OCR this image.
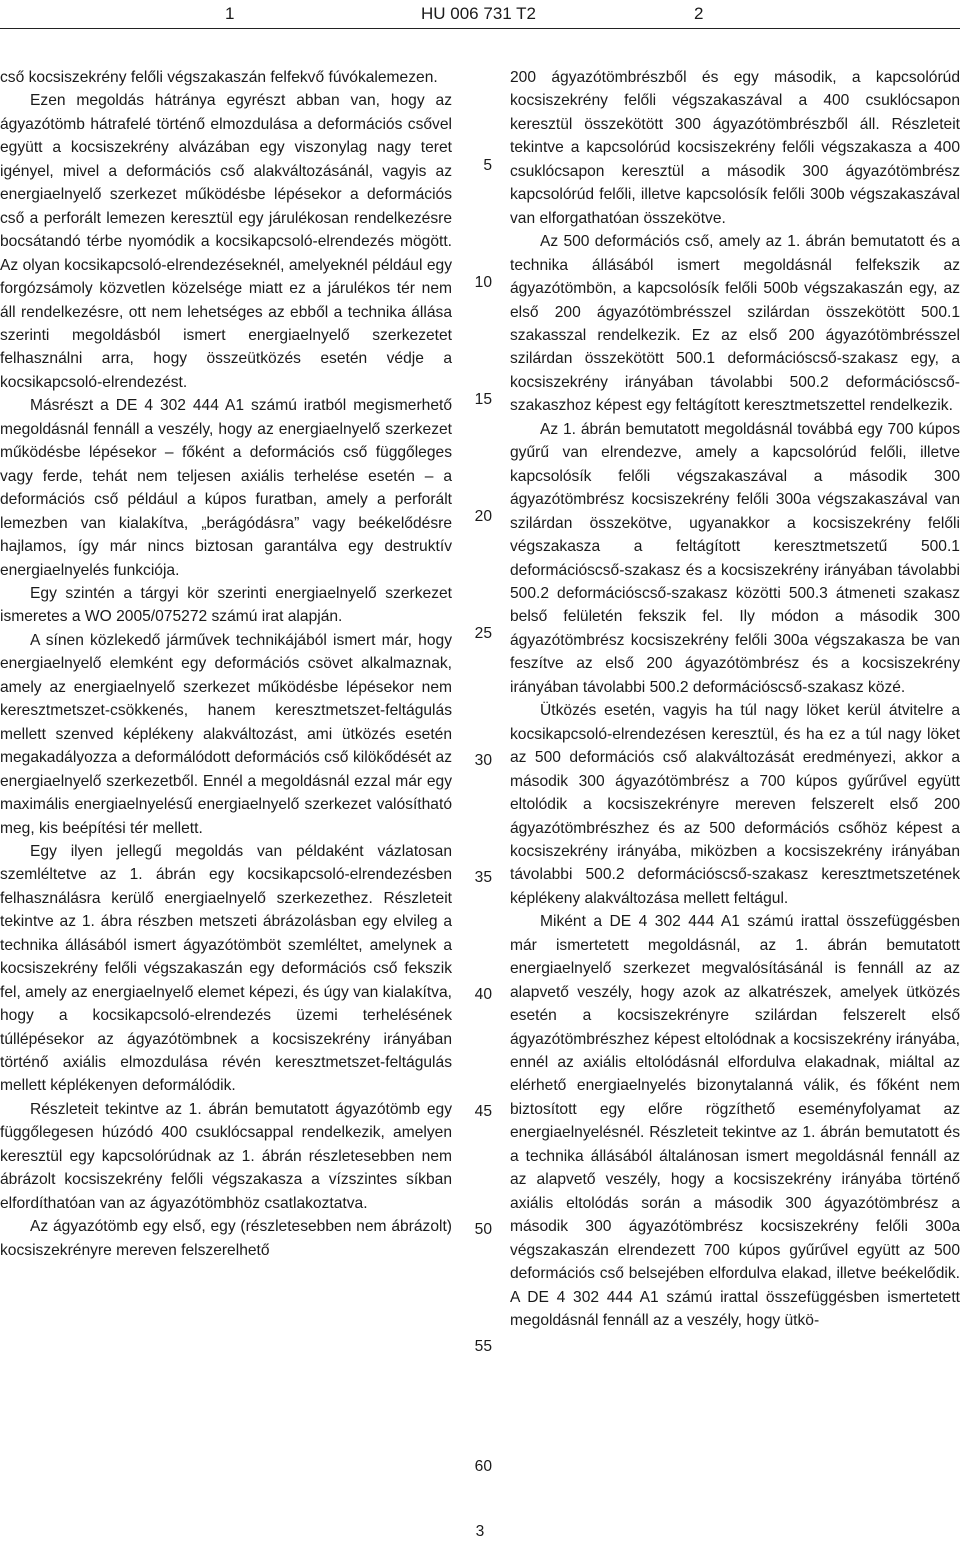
1	HU 006 731 T2	2

cső kocsiszekrény felőli végszakaszán felfekvő fúvókalemezen.

Ezen megoldás hátránya egyrészt abban van, hogy az ágyazótömb hátrafelé történő elmozdulása a deformációs csővel együtt a kocsiszekrény alvázában egy viszonylag nagy teret igényel, mivel a deformációs cső alakváltozásánál, vagyis az energiaelnyelő szerkezet működésbe lépésekor a deformációs cső a perforált lemezen keresztül egy járulékosan rendelkezésre bocsátandó térbe nyomódik a kocsikapcsoló-elrendezés mögött. Az olyan kocsikapcsoló-elrendezéseknél, amelyeknél például egy forgózsámoly közvetlen közelsége miatt ez a járulékos tér nem áll rendelkezésre, ott nem lehetséges az ebből a technika állása szerinti megoldásból ismert energiaelnyelő szerkezetet felhasználni arra, hogy összeütközés esetén védje a kocsikapcsoló-elrendezést.

Másrészt a DE 4 302 444 A1 számú iratból megismerhető megoldásnál fennáll a veszély, hogy az energiaelnyelő szerkezet működésbe lépésekor – főként a deformációs cső függőleges vagy ferde, tehát nem teljesen axiális terhelése esetén – a deformációs cső például a kúpos furatban, amely a perforált lemezben van kialakítva, „berágódásra” vagy beékelődésre hajlamos, így már nincs biztosan garantálva egy destruktív energiaelnyelés funkciója.

Egy szintén a tárgyi kör szerinti energiaelnyelő szerkezet ismeretes a WO 2005/075272 számú irat alapján.

A sínen közlekedő járművek technikájából ismert már, hogy energiaelnyelő elemként egy deformációs csövet alkalmaznak, amely az energiaelnyelő szerkezet működésbe lépésekor nem keresztmetszet-csökkenés, hanem keresztmetszet-feltágulás mellett szenved képlékeny alakváltozást, ami ütközés esetén megakadályozza a deformálódott deformációs cső kilökődését az energiaelnyelő szerkezetből. Ennél a megoldásnál ezzal már egy maximális energiaelnyelésű energiaelnyelő szerkezet valósítható meg, kis beépítési tér mellett.

Egy ilyen jellegű megoldás van példaként vázlatosan szemléltetve az 1. ábrán egy kocsikapcsoló-elrendezésben felhasználásra kerülő energiaelnyelő szerkezethez. Részleteit tekintve az 1. ábra részben metszeti ábrázolásban egy elvileg a technika állásából ismert ágyazótömböt szemléltet, amelynek a kocsiszekrény felőli végszakaszán egy deformációs cső fekszik fel, amely az energiaelnyelő elemet képezi, és úgy van kialakítva, hogy a kocsikapcsoló-elrendezés üzemi terhelésének túllépésekor az ágyazótömbnek a kocsiszekrény irányában történő axiális elmozdulása révén keresztmetszet-feltágulás mellett képlékenyen deformálódik.

Részleteit tekintve az 1. ábrán bemutatott ágyazótömb egy függőlegesen húzódó 400 csuklócsappal rendelkezik, amelyen keresztül egy kapcsolórúdnak az 1. ábrán részletesebben nem ábrázolt kocsiszekrény felőli végszakasza a vízszintes síkban elfordíthatóan van az ágyazótömbhöz csatlakoztatva.

Az ágyazótömb egy első, egy (részletesebben nem ábrázolt) kocsiszekrényre mereven felszerelhető

5
10
15
20
25
30
35
40
45
50
55
60

200 ágyazótömbrészből és egy második, a kapcsolórúd kocsiszekrény felőli végszakaszával a 400 csuklócsapon keresztül összekötött 300 ágyazótömbrészből áll. Részleteit tekintve a kapcsolórúd kocsiszekrény felőli végszakasza a 400 csuklócsapon keresztül a második 300 ágyazótömbrész kapcsolórúd felőli, illetve kapcsolósík felőli 300b végszakaszával van elforgathatóan összekötve.

Az 500 deformációs cső, amely az 1. ábrán bemutatott és a technika állásából ismert megoldásnál felfekszik az ágyazótömbön, a kapcsolósík felőli 500b végszakaszán egy, az első 200 ágyazótömbrésszel szilárdan összekötött 500.1 szakasszal rendelkezik. Ez az első 200 ágyazótömbrésszel szilárdan összekötött 500.1 deformációscső-szakasz egy, a kocsiszekrény irányában távolabbi 500.2 deformációscső-szakaszhoz képest egy feltágított keresztmetszettel rendelkezik.

Az 1. ábrán bemutatott megoldásnál továbbá egy 700 kúpos gyűrű van elrendezve, amely a kapcsolórúd felőli, illetve kapcsolósík felőli végszakaszával a második 300 ágyazótömbrész kocsiszekrény felőli 300a végszakaszával van szilárdan összekötve, ugyanakkor a kocsiszekrény felőli végszakasza a feltágított keresztmetszetű 500.1 deformációscső-szakasz és a kocsiszekrény irányában távolabbi 500.2 deformációscső-szakasz közötti 500.3 átmeneti szakasz belső felületén fekszik fel. Ily módon a második 300 ágyazótömbrész kocsiszekrény felőli 300a végszakasza be van feszítve az első 200 ágyazótömbrész és a kocsiszekrény irányában távolabbi 500.2 deformációscső-szakasz közé.

Ütközés esetén, vagyis ha túl nagy löket kerül átvitelre a kocsikapcsoló-elrendezésen keresztül, és ha ez a túl nagy löket az 500 deformációs cső alakváltozását eredményezi, akkor a második 300 ágyazótömbrész a 700 kúpos gyűrűvel együtt eltolódik a kocsiszekrényre mereven felszerelt első 200 ágyazótömbrészhez és az 500 deformációs csőhöz képest a kocsiszekrény irányába, miközben a kocsiszekrény irányában távolabbi 500.2 deformációscső-szakasz keresztmetszetének képlékeny alakváltozása mellett feltágul.

Miként a DE 4 302 444 A1 számú irattal összefüggésben már ismertetett megoldásnál, az 1. ábrán bemutatott energiaelnyelő szerkezet megvalósításánál is fennáll az az alapvető veszély, hogy azok az alkatrészek, amelyek ütközés esetén a kocsiszekrényre szilárdan felszerelt első ágyazótömbrészhez képest eltolódnak a kocsiszekrény irányába, ennél az axiális eltolódásnál elfordulva elakadnak, miáltal az elérhető energiaelnyelés bizonytalanná válik, és főként nem biztosított egy előre rögzíthető eseményfolyamat az energiaelnyelésnél. Részleteit tekintve az 1. ábrán bemutatott és a technika állásából általánosan ismert megoldásnál fennáll az az alapvető veszély, hogy a kocsiszekrény irányába történő axiális eltolódás során a második 300 ágyazótömbrész a második 300 ágyazótömbrész kocsiszekrény felőli 300a végszakaszán elrendezett 700 kúpos gyűrűvel együtt az 500 deformációs cső belsejében elfordulva elakad, illetve beékelődik. A DE 4 302 444 A1 számú irattal összefüggésben ismertetett megoldásnál fennáll az a veszély, hogy ütkö-

3
